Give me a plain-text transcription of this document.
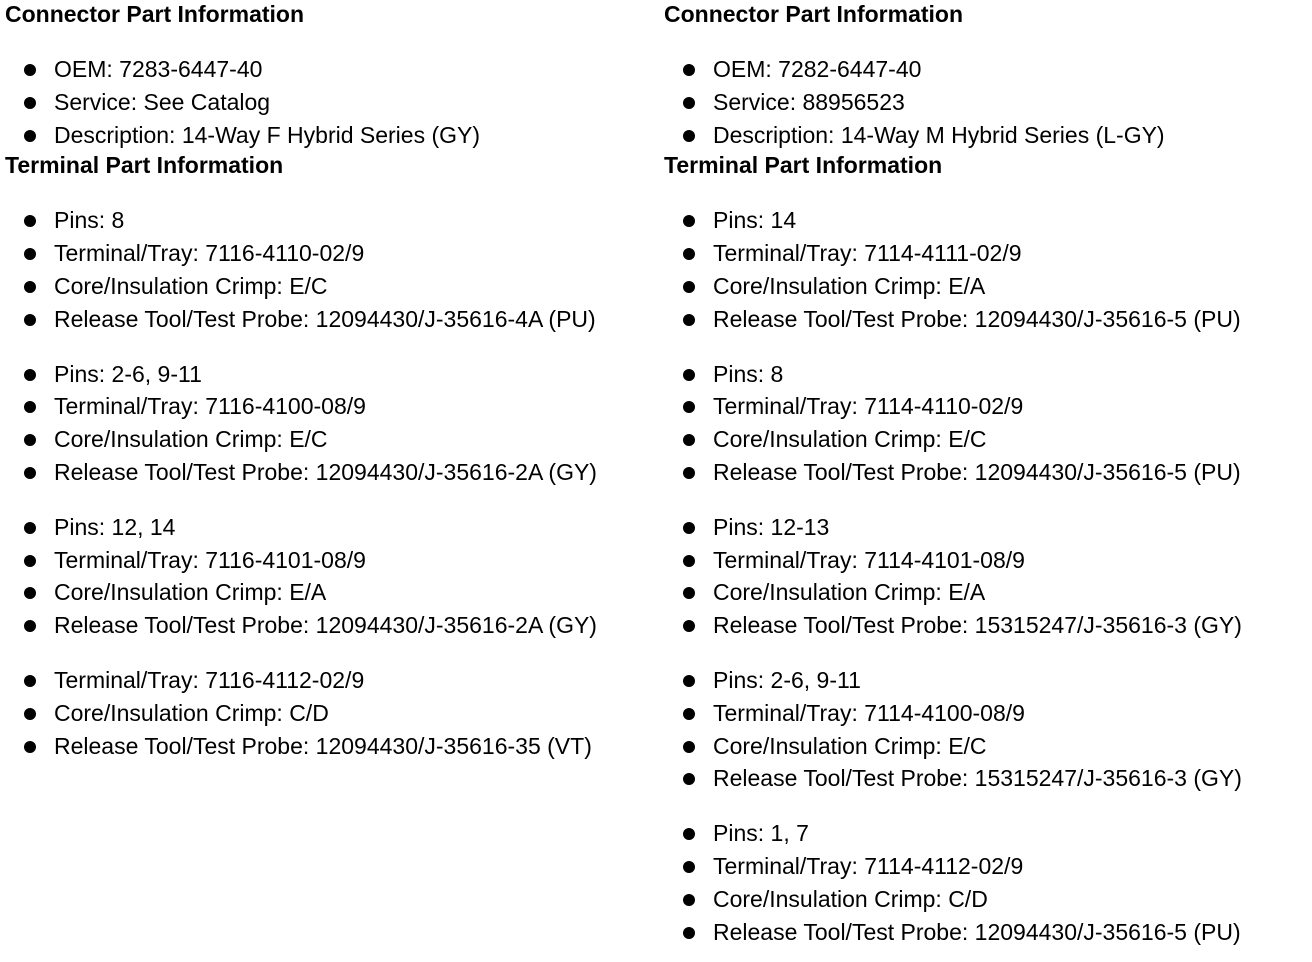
Connector Part Information
OEM: 7283-6447-40
Service: See Catalog
Description: 14-Way F Hybrid Series (GY)
Terminal Part Information
Pins: 8
Terminal/Tray: 7116-4110-02/9
Core/Insulation Crimp: E/C
Release Tool/Test Probe: 12094430/J-35616-4A (PU)
Pins: 2-6, 9-11
Terminal/Tray: 7116-4100-08/9
Core/Insulation Crimp: E/C
Release Tool/Test Probe: 12094430/J-35616-2A (GY)
Pins: 12, 14
Terminal/Tray: 7116-4101-08/9
Core/Insulation Crimp: E/A
Release Tool/Test Probe: 12094430/J-35616-2A (GY)
Terminal/Tray: 7116-4112-02/9
Core/Insulation Crimp: C/D
Release Tool/Test Probe: 12094430/J-35616-35 (VT)
Connector Part Information
OEM: 7282-6447-40
Service: 88956523
Description: 14-Way M Hybrid Series (L-GY)
Terminal Part Information
Pins: 14
Terminal/Tray: 7114-4111-02/9
Core/Insulation Crimp: E/A
Release Tool/Test Probe: 12094430/J-35616-5 (PU)
Pins: 8
Terminal/Tray: 7114-4110-02/9
Core/Insulation Crimp: E/C
Release Tool/Test Probe: 12094430/J-35616-5 (PU)
Pins: 12-13
Terminal/Tray: 7114-4101-08/9
Core/Insulation Crimp: E/A
Release Tool/Test Probe: 15315247/J-35616-3 (GY)
Pins: 2-6, 9-11
Terminal/Tray: 7114-4100-08/9
Core/Insulation Crimp: E/C
Release Tool/Test Probe: 15315247/J-35616-3 (GY)
Pins: 1, 7
Terminal/Tray: 7114-4112-02/9
Core/Insulation Crimp: C/D
Release Tool/Test Probe: 12094430/J-35616-5 (PU)
